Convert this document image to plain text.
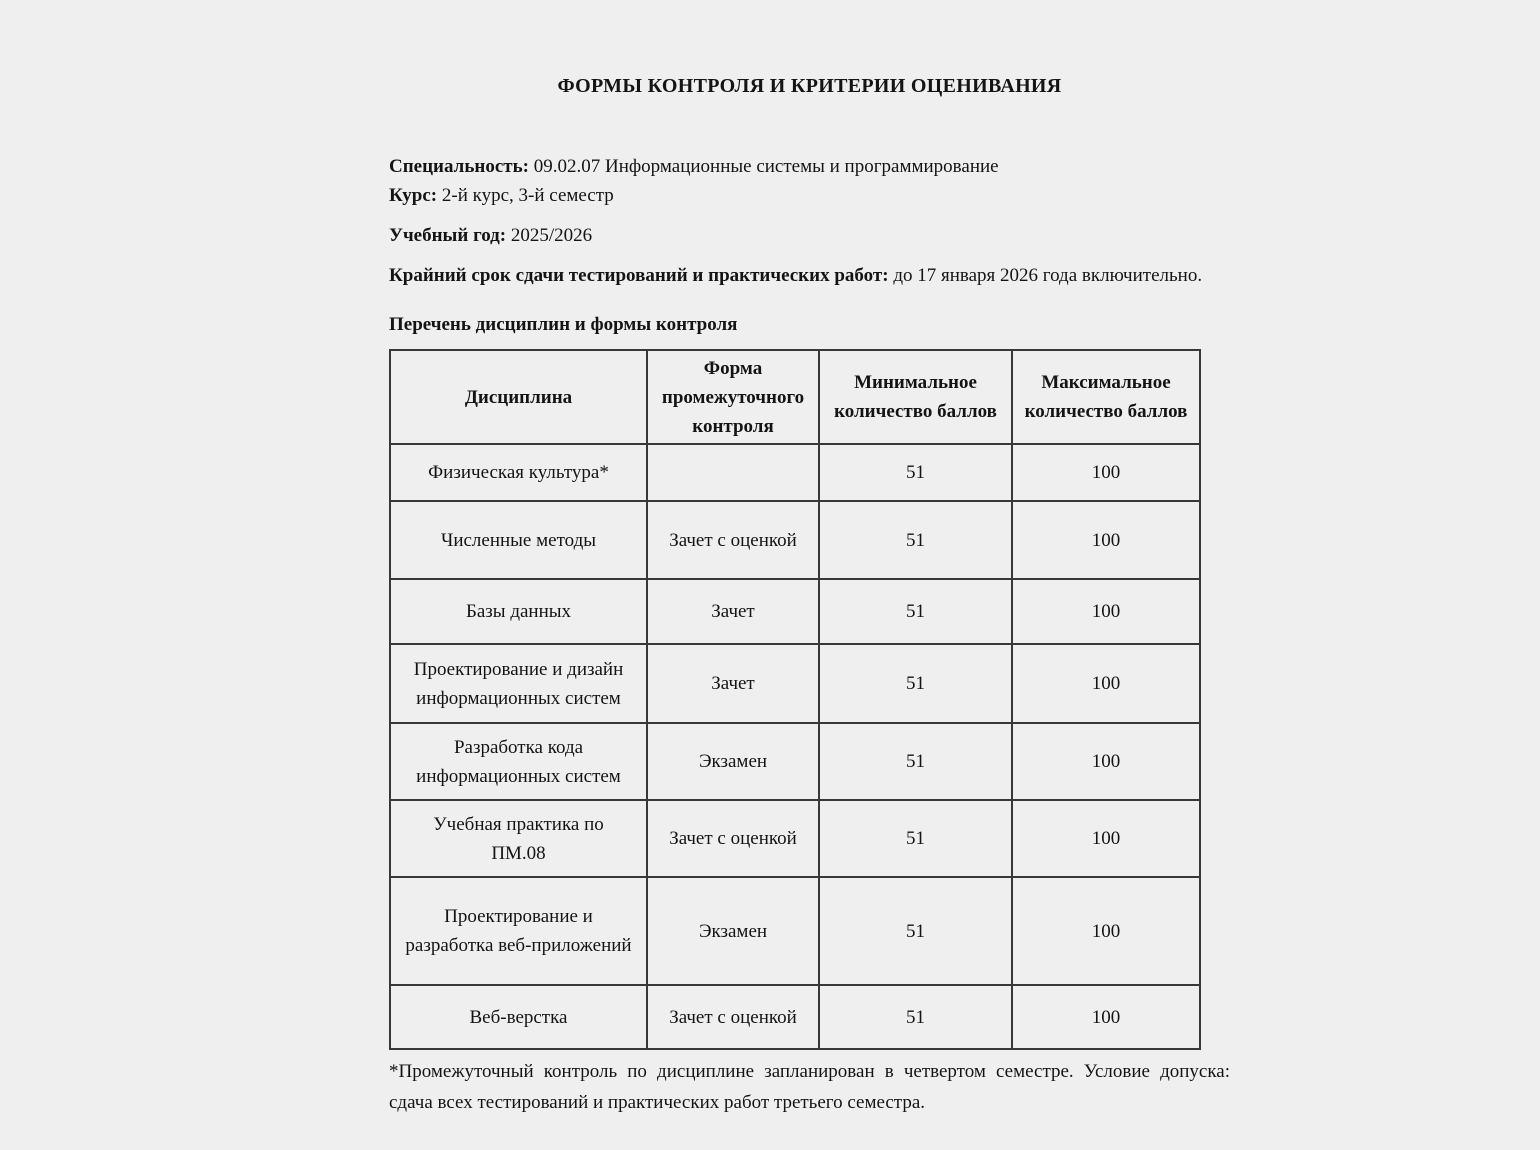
ФОРМЫ КОНТРОЛЯ И КРИТЕРИИ ОЦЕНИВАНИЯ

Специальность: 09.02.07 Информационные системы и программирование
Курс: 2-й курс, 3-й семестр

Учебный год: 2025/2026

Крайний срок сдачи тестирований и практических работ: до 17 января 2026 года включительно.

Перечень дисциплин и формы контроля

Дисциплина	Форма промежуточного контроля	Минимальное количество баллов	Максимальное количество баллов
Физическая культура*		51	100
Численные методы	Зачет с оценкой	51	100
Базы данных	Зачет	51	100
Проектирование и дизайн информационных систем	Зачет	51	100
Разработка кода информационных систем	Экзамен	51	100
Учебная практика по ПМ.08	Зачет с оценкой	51	100
Проектирование и разработка веб-приложений	Экзамен	51	100
Веб-верстка	Зачет с оценкой	51	100

*Промежуточный контроль по дисциплине запланирован в четвертом семестре. Условие допуска: сдача всех тестирований и практических работ третьего семестра.
